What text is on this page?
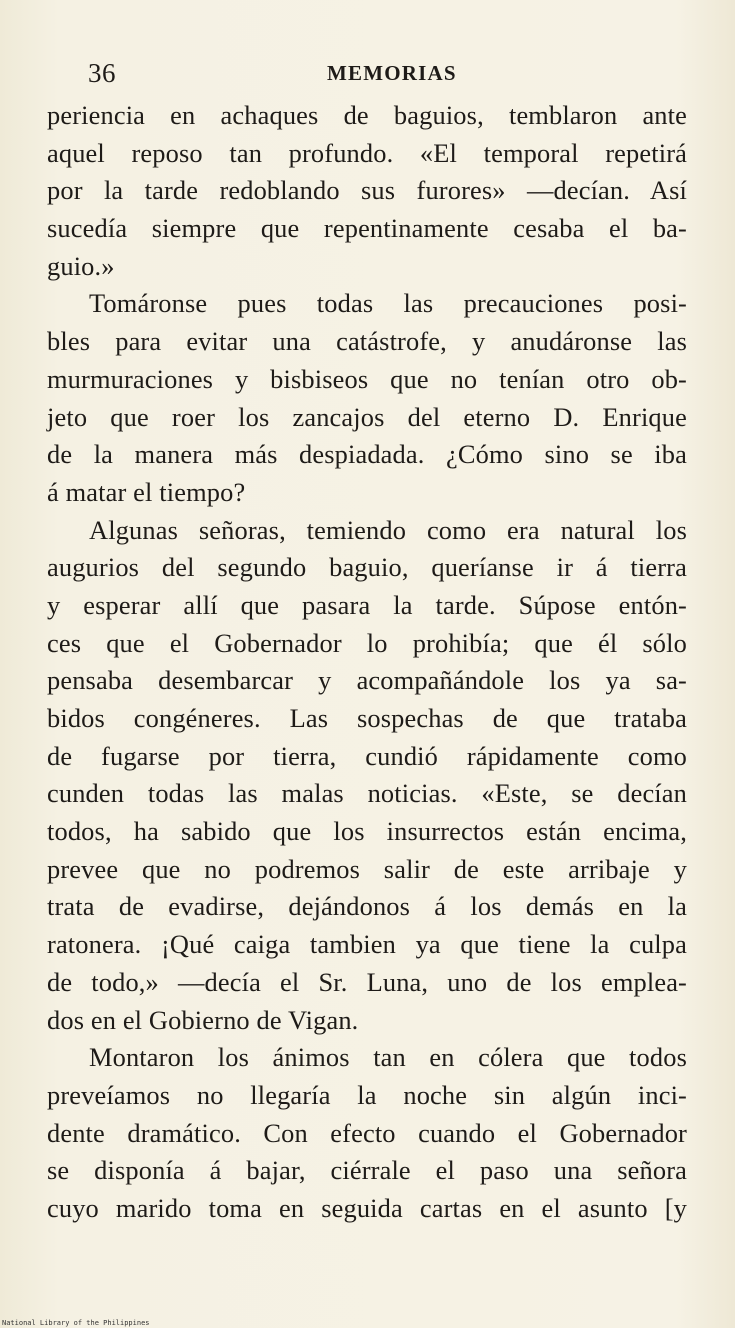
36	MEMORIAS
periencia en achaques de baguios, temblaron ante
aquel reposo tan profundo. «El temporal repetirá
por la tarde redoblando sus furores» —decían. Así
sucedía siempre que repentinamente cesaba el ba-
guio.»
Tomáronse pues todas las precauciones posi-
bles para evitar una catástrofe, y anudáronse las
murmuraciones y bisbiseos que no tenían otro ob-
jeto que roer los zancajos del eterno D. Enrique
de la manera más despiadada. ¿Cómo sino se iba
á matar el tiempo?
Algunas señoras, temiendo como era natural los
augurios del segundo baguio, queríanse ir á tierra
y esperar allí que pasara la tarde. Súpose entón-
ces que el Gobernador lo prohibía; que él sólo
pensaba desembarcar y acompañándole los ya sa-
bidos congéneres. Las sospechas de que trataba
de fugarse por tierra, cundió rápidamente como
cunden todas las malas noticias. «Este, se decían
todos, ha sabido que los insurrectos están encima,
prevee que no podremos salir de este arribaje y
trata de evadirse, dejándonos á los demás en la
ratonera. ¡Qué caiga tambien ya que tiene la culpa
de todo,» —decía el Sr. Luna, uno de los emplea-
dos en el Gobierno de Vigan.
Montaron los ánimos tan en cólera que todos
preveíamos no llegaría la noche sin algún inci-
dente dramático. Con efecto cuando el Gobernador
se disponía á bajar, ciérrale el paso una señora
cuyo marido toma en seguida cartas en el asunto [y
National Library of the Philippines
